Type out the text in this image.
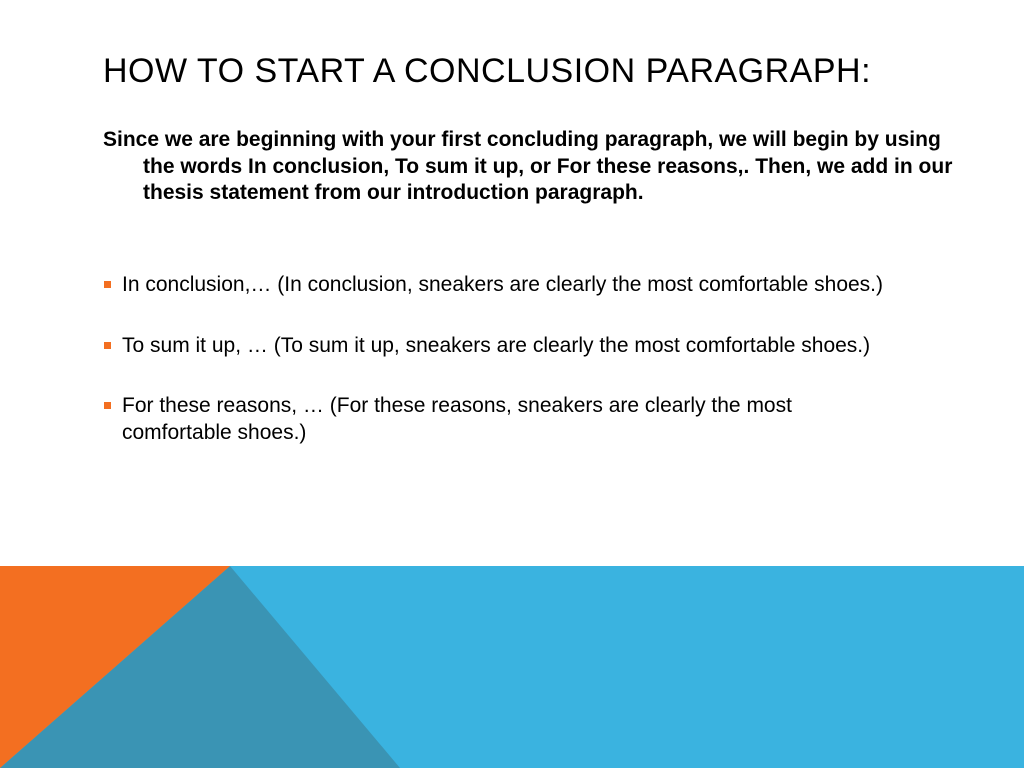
HOW TO START A CONCLUSION PARAGRAPH:

Since we are beginning with your first concluding paragraph, we will begin by using the words In conclusion, To sum it up, or For these reasons,. Then, we add in our thesis statement from our introduction paragraph.

In conclusion,… (In conclusion, sneakers are clearly the most comfortable shoes.)
To sum it up, … (To sum it up, sneakers are clearly the most comfortable shoes.)
For these reasons, … (For these reasons, sneakers are clearly the most comfortable shoes.)
